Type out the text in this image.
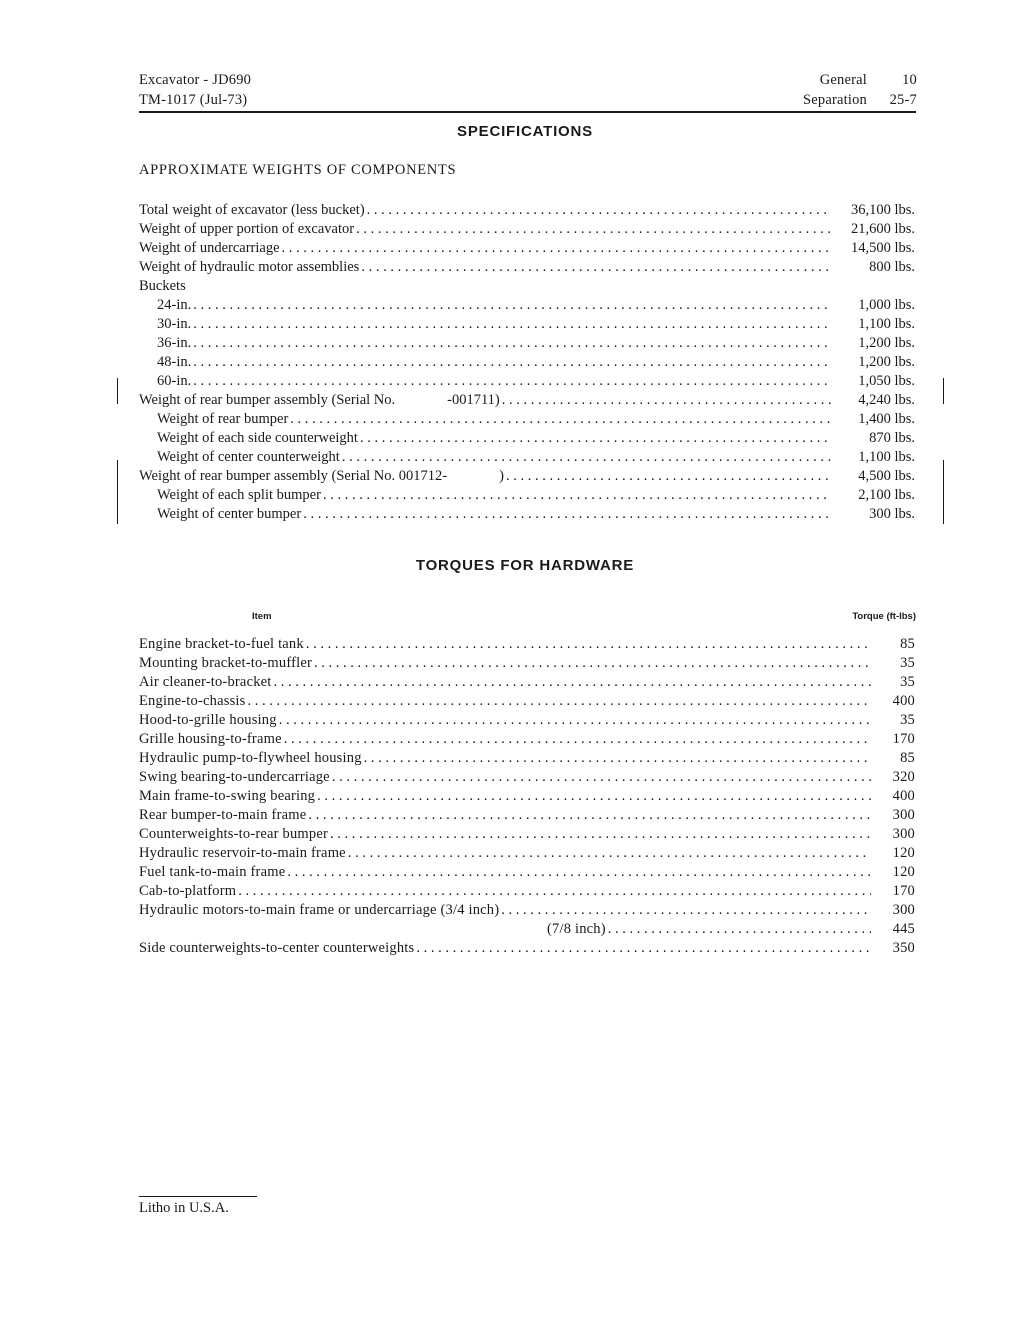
Excavator - JD690
TM-1017 (Jul-73)
General 10
Separation 25-7
SPECIFICATIONS
APPROXIMATE WEIGHTS OF COMPONENTS
Total weight of excavator (less bucket) . . .	36,100 lbs.
Weight of upper portion of excavator . . .	21,600 lbs.
Weight of undercarriage . . .	14,500 lbs.
Weight of hydraulic motor assemblies . . .	800 lbs.
Buckets
24-in. . . .	1,000 lbs.
30-in. . . .	1,100 lbs.
36-in. . . .	1,200 lbs.
48-in. . . .	1,200 lbs.
60-in. . . .	1,050 lbs.
Weight of rear bumper assembly (Serial No.	-001711) . . .	4,240 lbs.
Weight of rear bumper . . .	1,400 lbs.
Weight of each side counterweight . . .	870 lbs.
Weight of center counterweight . . .	1,100 lbs.
Weight of rear bumper assembly (Serial No. 001712-	) . . .	4,500 lbs.
Weight of each split bumper . . .	2,100 lbs.
Weight of center bumper . . .	300 lbs.
TORQUES FOR HARDWARE
Item	Torque (ft-lbs)
Engine bracket-to-fuel tank . . .	85
Mounting bracket-to-muffler . . .	35
Air cleaner-to-bracket . . .	35
Engine-to-chassis . . .	400
Hood-to-grille housing . . .	35
Grille housing-to-frame . . .	170
Hydraulic pump-to-flywheel housing . . .	85
Swing bearing-to-undercarriage . . .	320
Main frame-to-swing bearing . . .	400
Rear bumper-to-main frame . . .	300
Counterweights-to-rear bumper . . .	300
Hydraulic reservoir-to-main frame . . .	120
Fuel tank-to-main frame . . .	120
Cab-to-platform . . .	170
Hydraulic motors-to-main frame or undercarriage (3/4 inch) . . .	300
(7/8 inch) . . .	445
Side counterweights-to-center counterweights . . .	350
Litho in U.S.A.
